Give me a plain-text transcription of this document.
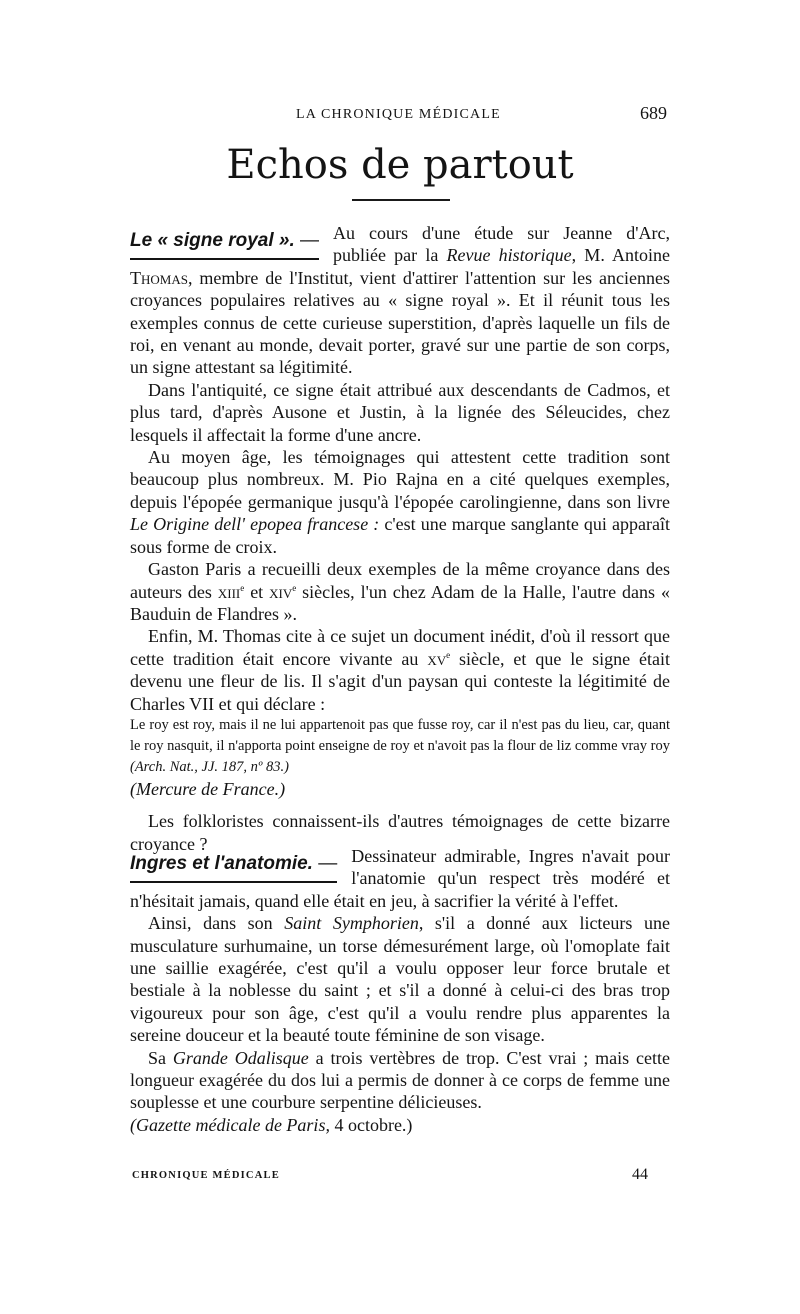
LA CHRONIQUE MÉDICALE	689
Echos de partout

Le « signe royal ». — Au cours d'une étude sur Jeanne d'Arc, publiée par la Revue historique, M. Antoine Thomas, membre de l'Institut, vient d'attirer l'attention sur les anciennes croyances populaires relatives au « signe royal ». Et il réunit tous les exemples connus de cette curieuse superstition, d'après laquelle un fils de roi, en venant au monde, devait porter, gravé sur une partie de son corps, un signe attestant sa légitimité.

Dans l'antiquité, ce signe était attribué aux descendants de Cadmos, et plus tard, d'après Ausone et Justin, à la lignée des Séleucides, chez lesquels il affectait la forme d'une ancre.

Au moyen âge, les témoignages qui attestent cette tradition sont beaucoup plus nombreux. M. Pio Rajna en a cité quelques exemples, depuis l'épopée germanique jusqu'à l'épopée carolingienne, dans son livre Le Origine dell' epopea francese : c'est une marque sanglante qui apparaît sous forme de croix.

Gaston Paris a recueilli deux exemples de la même croyance dans des auteurs des xiii$^e$ et xiv$^e$ siècles, l'un chez Adam de la Halle, l'autre dans « Bauduin de Flandres ».

Enfin, M. Thomas cite à ce sujet un document inédit, d'où il ressort que cette tradition était encore vivante au $xv^e$ siècle, et que le signe était devenu une fleur de lis. Il s'agit d'un paysan qui conteste la légitimité de Charles VII et qui déclare :

Le roy est roy, mais il ne lui appartenoit pas que fusse roy, car il n'est pas du lieu, car, quant le roy nasquit, il n'apporta point enseigne de roy et n'avoit pas la flour de liz comme vray roy (Arch. Nat., JJ. 187, nº 83.)

(Mercure de France.)

Les folkloristes connaissent-ils d'autres témoignages de cette bizarre croyance ?

Ingres et l'anatomie. — Dessinateur admirable, Ingres n'avait pour l'anatomie qu'un respect très modéré et n'hésitait jamais, quand elle était en jeu, à sacrifier la vérité à l'effet.

Ainsi, dans son Saint Symphorien, s'il a donné aux licteurs une musculature surhumaine, un torse démesurément large, où l'omoplate fait une saillie exagérée, c'est qu'il a voulu opposer leur force brutale et bestiale à la noblesse du saint ; et s'il a donné à celui-ci des bras trop vigoureux pour son âge, c'est qu'il a voulu rendre plus apparentes la sereine douceur et la beauté toute féminine de son visage.

Sa Grande Odalisque a trois vertèbres de trop. C'est vrai ; mais cette longueur exagérée du dos lui a permis de donner à ce corps de femme une souplesse et une courbure serpentine délicieuses.

(Gazette médicale de Paris, 4 octobre.)

CHRONIQUE MÉDICALE	44
